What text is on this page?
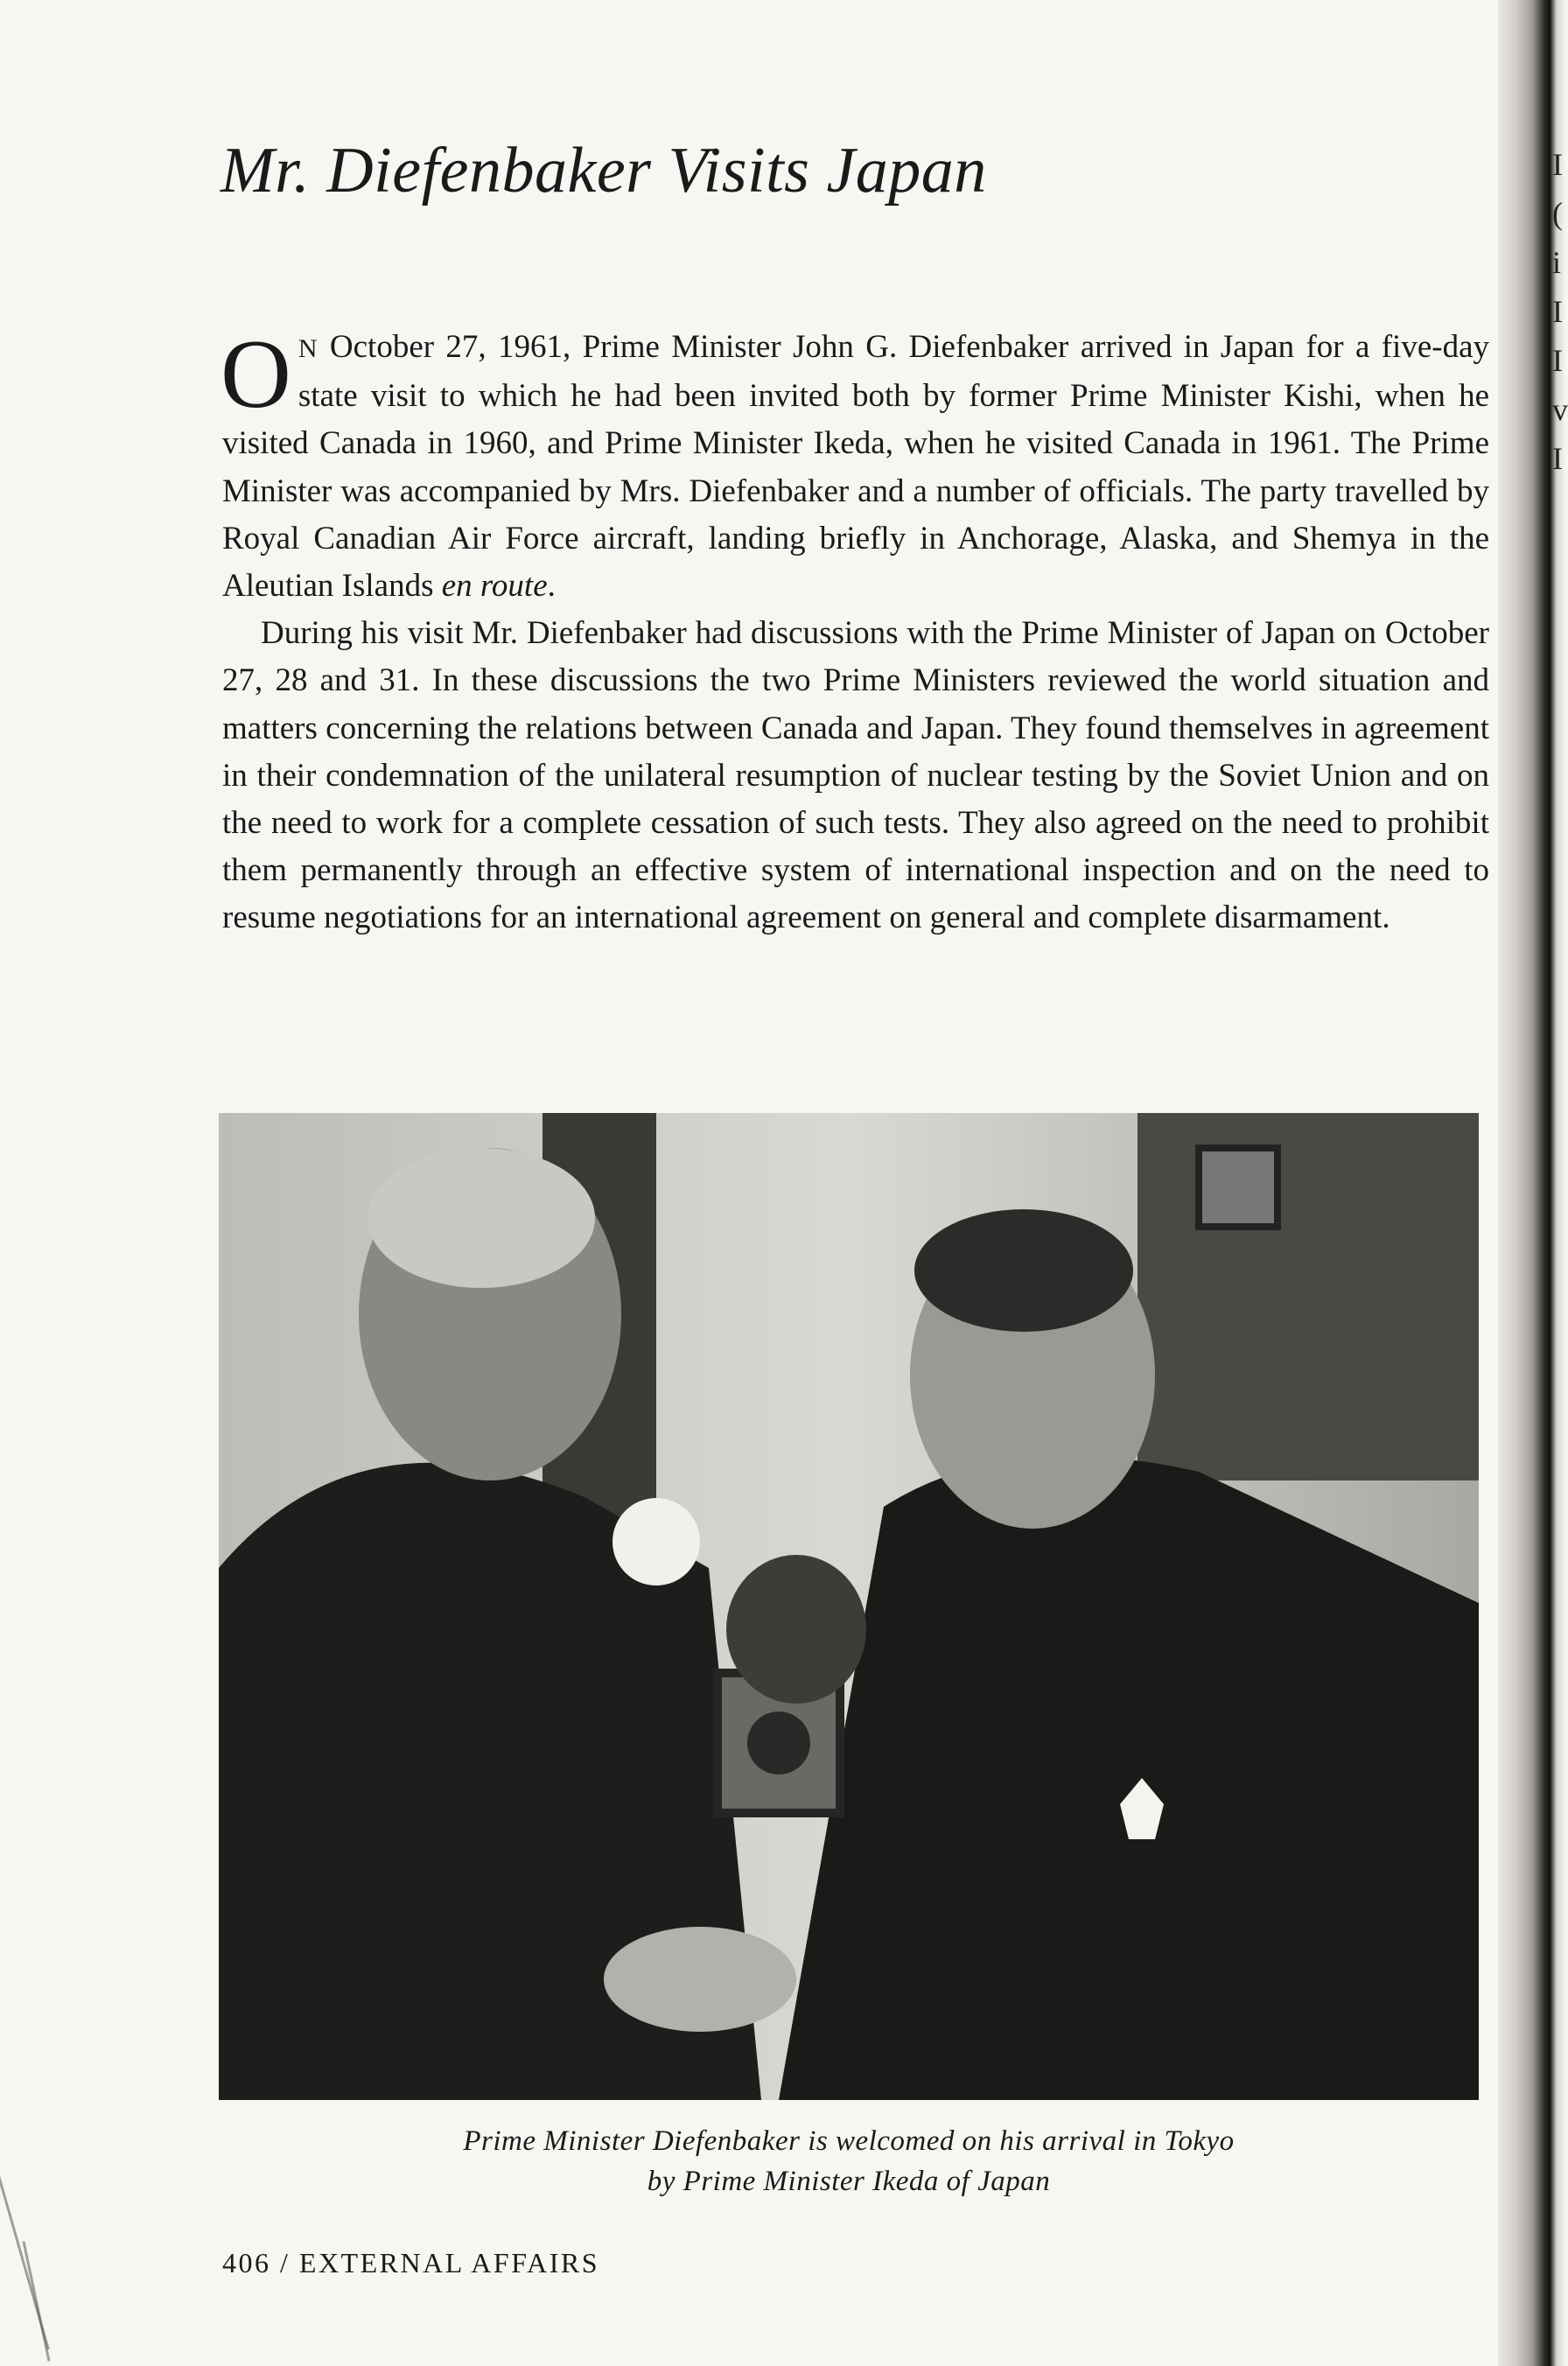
I
(
i
I
I
v
I
Mr. Diefenbaker Visits Japan

O N October 27, 1961, Prime Minister John G. Diefenbaker arrived in Japan for a five-day state visit to which he had been invited both by former Prime Minister Kishi, when he visited Canada in 1960, and Prime Minister Ikeda, when he visited Canada in 1961. The Prime Minister was accompanied by Mrs. Diefenbaker and a number of officials. The party travelled by Royal Canadian Air Force aircraft, landing briefly in Anchorage, Alaska, and Shemya in the Aleutian Islands en route.

During his visit Mr. Diefenbaker had discussions with the Prime Minister of Japan on October 27, 28 and 31. In these discussions the two Prime Ministers reviewed the world situation and matters concerning the relations between Canada and Japan. They found themselves in agreement in their condemnation of the unilateral resumption of nuclear testing by the Soviet Union and on the need to work for a complete cessation of such tests. They also agreed on the need to prohibit them permanently through an effective system of international inspection and on the need to resume negotiations for an international agreement on general and complete disarmament.

Prime Minister Diefenbaker is welcomed on his arrival in Tokyo
by Prime Minister Ikeda of Japan
406 / EXTERNAL AFFAIRS
